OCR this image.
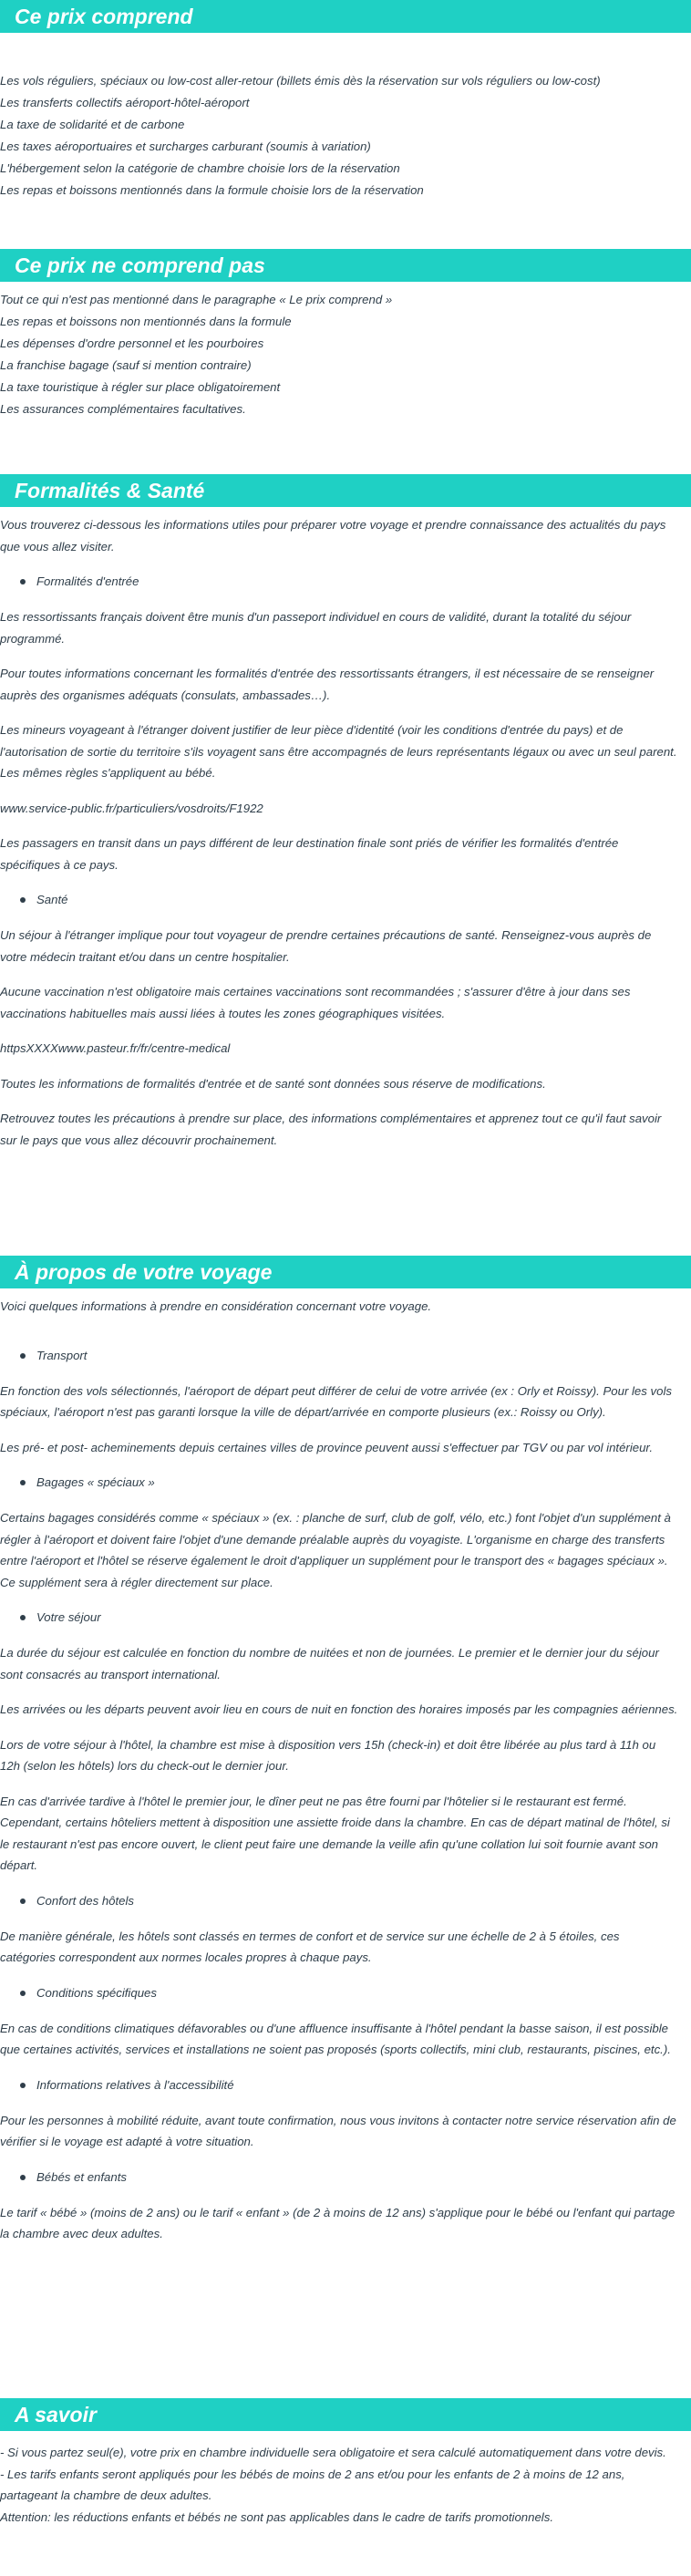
Ce prix comprend
Les vols réguliers, spéciaux ou low-cost aller-retour (billets émis dès la réservation sur vols réguliers ou low-cost)
Les transferts collectifs aéroport-hôtel-aéroport
La taxe de solidarité et de carbone
Les taxes aéroportuaires et surcharges carburant (soumis à variation)
L'hébergement selon la catégorie de chambre choisie lors de la réservation
Les repas et boissons mentionnés dans la formule choisie lors de la réservation
Ce prix ne comprend pas
Tout ce qui n'est pas mentionné dans le paragraphe « Le prix comprend »
Les repas et boissons non mentionnés dans la formule
Les dépenses d'ordre personnel et les pourboires
La franchise bagage (sauf si mention contraire)
La taxe touristique à régler sur place obligatoirement
Les assurances complémentaires facultatives.
Formalités & Santé

Vous trouverez ci-dessous les informations utiles pour préparer votre voyage et prendre connaissance des actualités du pays que vous allez visiter.

Formalités d'entrée

Les ressortissants français doivent être munis d'un passeport individuel en cours de validité, durant la totalité du séjour programmé.

Pour toutes informations concernant les formalités d'entrée des ressortissants étrangers, il est nécessaire de se renseigner auprès des organismes adéquats (consulats, ambassades…).

Les mineurs voyageant à l'étranger doivent justifier de leur pièce d'identité (voir les conditions d'entrée du pays) et de l'autorisation de sortie du territoire s'ils voyagent sans être accompagnés de leurs représentants légaux ou avec un seul parent. Les mêmes règles s'appliquent au bébé.

www.service-public.fr/particuliers/vosdroits/F1922

Les passagers en transit dans un pays différent de leur destination finale sont priés de vérifier les formalités d'entrée spécifiques à ce pays.

Santé

Un séjour à l'étranger implique pour tout voyageur de prendre certaines précautions de santé. Renseignez-vous auprès de votre médecin traitant et/ou dans un centre hospitalier.

Aucune vaccination n'est obligatoire mais certaines vaccinations sont recommandées ; s'assurer d'être à jour dans ses vaccinations habituelles mais aussi liées à toutes les zones géographiques visitées.

httpsXXXXwww.pasteur.fr/fr/centre-medical

Toutes les informations de formalités d'entrée et de santé sont données sous réserve de modifications.

Retrouvez toutes les précautions à prendre sur place, des informations complémentaires et apprenez tout ce qu'il faut savoir sur le pays que vous allez découvrir prochainement.

À propos de votre voyage

Voici quelques informations à prendre en considération concernant votre voyage.

Transport

En fonction des vols sélectionnés, l'aéroport de départ peut différer de celui de votre arrivée (ex : Orly et Roissy). Pour les vols spéciaux, l'aéroport n'est pas garanti lorsque la ville de départ/arrivée en comporte plusieurs (ex.: Roissy ou Orly).

Les pré- et post- acheminements depuis certaines villes de province peuvent aussi s'effectuer par TGV ou par vol intérieur.

Bagages « spéciaux »

Certains bagages considérés comme « spéciaux » (ex. : planche de surf, club de golf, vélo, etc.) font l'objet d'un supplément à régler à l'aéroport et doivent faire l'objet d'une demande préalable auprès du voyagiste. L'organisme en charge des transferts entre l'aéroport et l'hôtel se réserve également le droit d'appliquer un supplément pour le transport des « bagages spéciaux ». Ce supplément sera à régler directement sur place.

Votre séjour

La durée du séjour est calculée en fonction du nombre de nuitées et non de journées. Le premier et le dernier jour du séjour sont consacrés au transport international.

Les arrivées ou les départs peuvent avoir lieu en cours de nuit en fonction des horaires imposés par les compagnies aériennes.

Lors de votre séjour à l'hôtel, la chambre est mise à disposition vers 15h (check-in) et doit être libérée au plus tard à 11h ou 12h (selon les hôtels) lors du check-out le dernier jour.

En cas d'arrivée tardive à l'hôtel le premier jour, le dîner peut ne pas être fourni par l'hôtelier si le restaurant est fermé. Cependant, certains hôteliers mettent à disposition une assiette froide dans la chambre. En cas de départ matinal de l'hôtel, si le restaurant n'est pas encore ouvert, le client peut faire une demande la veille afin qu'une collation lui soit fournie avant son départ.

Confort des hôtels

De manière générale, les hôtels sont classés en termes de confort et de service sur une échelle de 2 à 5 étoiles, ces catégories correspondent aux normes locales propres à chaque pays.

Conditions spécifiques

En cas de conditions climatiques défavorables ou d'une affluence insuffisante à l'hôtel pendant la basse saison, il est possible que certaines activités, services et installations ne soient pas proposés (sports collectifs, mini club, restaurants, piscines, etc.).

Informations relatives à l'accessibilité

Pour les personnes à mobilité réduite, avant toute confirmation, nous vous invitons à contacter notre service réservation afin de vérifier si le voyage est adapté à votre situation.

Bébés et enfants

Le tarif « bébé » (moins de 2 ans) ou le tarif « enfant » (de 2 à moins de 12 ans) s'applique pour le bébé ou l'enfant qui partage la chambre avec deux adultes.

A savoir

- Si vous partez seul(e), votre prix en chambre individuelle sera obligatoire et sera calculé automatiquement dans votre devis.

- Les tarifs enfants seront appliqués pour les bébés de moins de 2 ans et/ou pour les enfants de 2 à moins de 12 ans, partageant la chambre de deux adultes.

Attention: les réductions enfants et bébés ne sont pas applicables dans le cadre de tarifs promotionnels.
